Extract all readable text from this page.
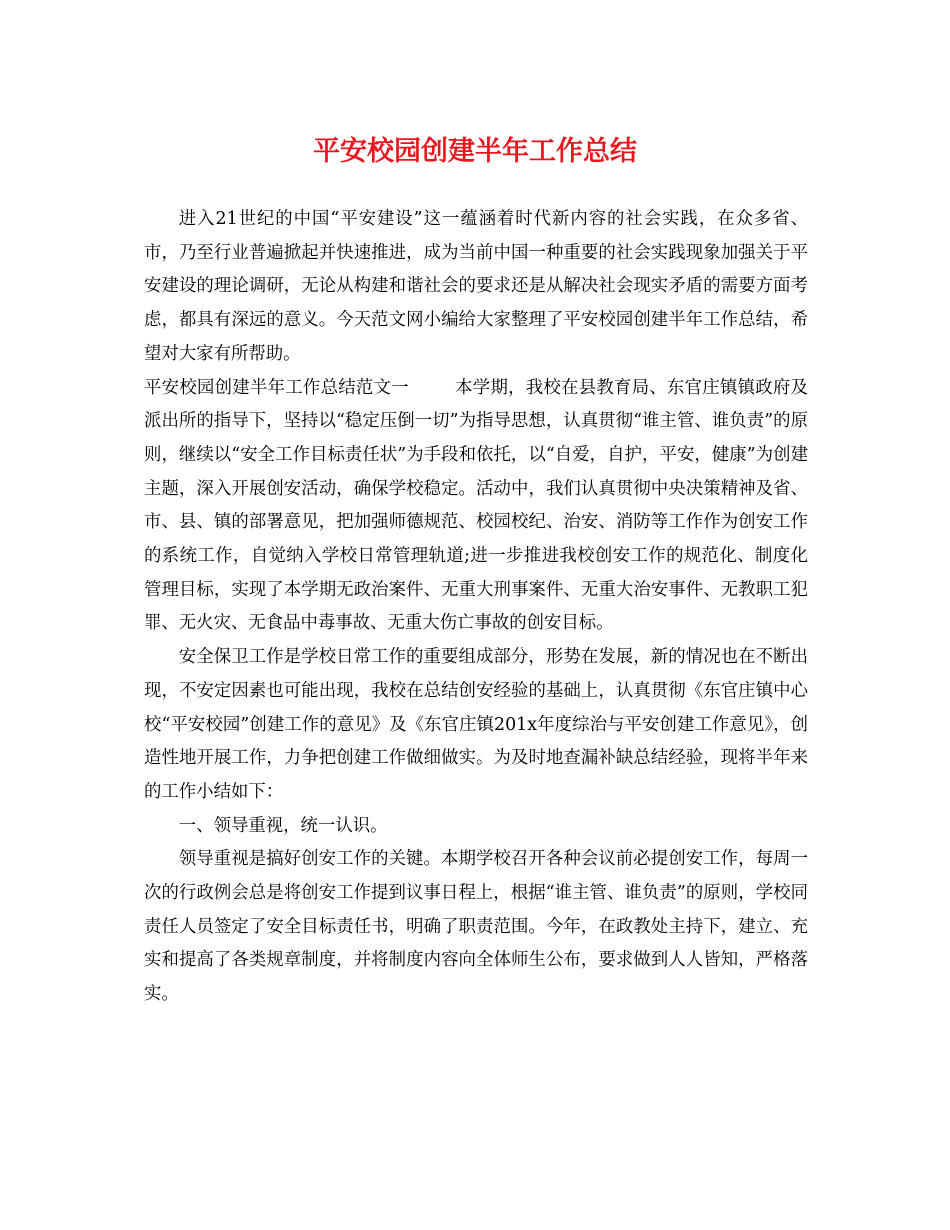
平安校园创建半年工作总结

进入21世纪的中国“平安建设”这一蕴涵着时代新内容的社会实践，在众多省、市，乃至行业普遍掀起并快速推进，成为当前中国一种重要的社会实践现象加强关于平安建设的理论调研，无论从构建和谐社会的要求还是从解决社会现实矛盾的需要方面考虑，都具有深远的意义。今天范文网小编给大家整理了平安校园创建半年工作总结，希望对大家有所帮助。

平安校园创建半年工作总结范文一	本学期，我校在县教育局、东官庄镇镇政府及派出所的指导下，坚持以“稳定压倒一切”为指导思想，认真贯彻“谁主管、谁负责”的原则，继续以“安全工作目标责任状”为手段和依托，以“自爱，自护，平安，健康”为创建主题，深入开展创安活动，确保学校稳定。活动中，我们认真贯彻中央决策精神及省、市、县、镇的部署意见，把加强师德规范、校园校纪、治安、消防等工作作为创安工作的系统工作，自觉纳入学校日常管理轨道;进一步推进我校创安工作的规范化、制度化管理目标，实现了本学期无政治案件、无重大刑事案件、无重大治安事件、无教职工犯罪、无火灾、无食品中毒事故、无重大伤亡事故的创安目标。

安全保卫工作是学校日常工作的重要组成部分，形势在发展，新的情况也在不断出现，不安定因素也可能出现，我校在总结创安经验的基础上，认真贯彻《东官庄镇中心校“平安校园”创建工作的意见》及《东官庄镇201x年度综治与平安创建工作意见》，创造性地开展工作，力争把创建工作做细做实。为及时地查漏补缺总结经验，现将半年来的工作小结如下：

一、领导重视，统一认识。

领导重视是搞好创安工作的关键。本期学校召开各种会议前必提创安工作，每周一次的行政例会总是将创安工作提到议事日程上，根据“谁主管、谁负责”的原则，学校同责任人员签定了安全目标责任书，明确了职责范围。今年，在政教处主持下，建立、充实和提高了各类规章制度，并将制度内容向全体师生公布，要求做到人人皆知，严格落实。
